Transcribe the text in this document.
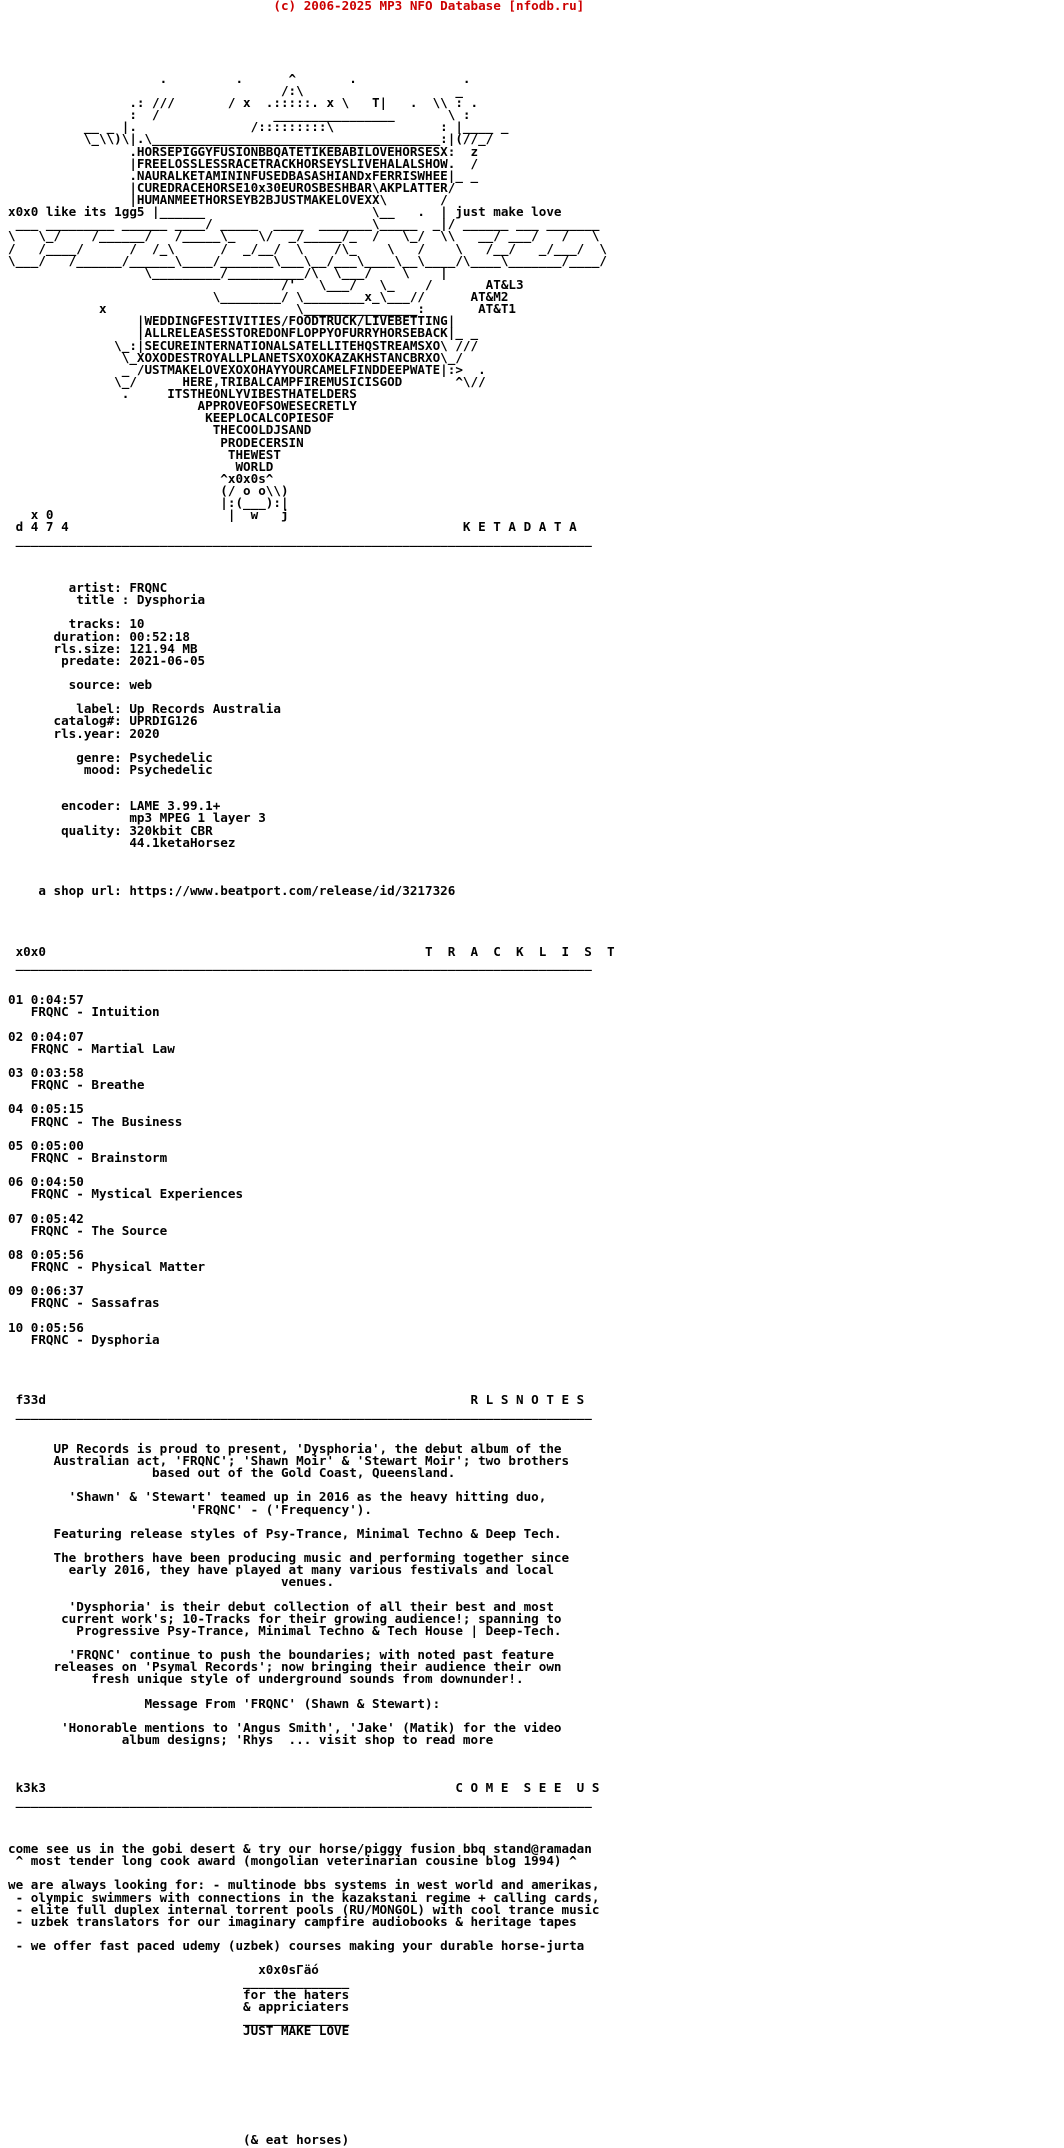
(c) 2006-2025 MP3 NFO Database [nfodb.ru]
.         .      ^       .              .
/:\                    _
.: ///       / x  .:::::. x \   T|   .  \\ : .
:  /               ________________       \ :
__ _ |.               /:::::::::\              : |____ _
\_\\)\|.\______________________________________:|(//_/
.HORSEPIGGYFUSIONBBQATETIKEBABILOVEHORSESX:  z
|FREELOSSLESSRACETRACKHORSEYSLIVEHALALSHOW.  /
.NAURALKETAMININFUSEDBASASHIANDxFERRISWHEE|_ _
|CUREDRACEHORSE10x30EUROSBESHBAR\AKPLATTER/
|HUMANMEETHORSEYB2BJUSTMAKELOVEXX\       /
x0x0 like its 1gg5 |______                      \__   .  | just make love
___ _________ ______ ____/ _____  ____  _______\_____  _|/ ______ ___ _______
\   \_/    /______/   /_____\_   \/  _/_____/_  /   \_/  \\   __/ ___/   /   \
/   /____/      /  /_\      /  _/__/  \    /\_    \   /    \   /__/   _/___/  \
\___/   /______/______\____/_______\___\__/___\____\__\____/\____\_______/____/
\_________/__________/\  \___/    \    |
/'   \___/   \_    /       AT&L3
\________/ \________x_\___//      AT&M2
x                         \_______________:       AT&T1
|WEDDINGFESTIVITIES/FOODTRUCK/LIVEBETTING|
|ALLRELEASESSTOREDONFLOPPYOFURRYHORSEBACK|_ _
\_:|SECUREINTERNATIONALSATELLITEHQSTREAMSXO\ ///
\_XOXODESTROYALLPLANETSXOXOKAZAKHSTANCBRXO\_/
_ /USTMAKELOVEXOXOHAYYOURCAMELFINDDEEPWATE|:>  .
\_/      HERE,TRIBALCAMPFIREMUSICISGOD       ^\//
.     ITSTHEONLYVIBESTHATELDERS
APPROVEOFSOWESECRETLY
KEEPLOCALCOPIESOF
THECOOLDJSAND
PRODECERSIN
THEWEST
WORLD
^x0x0s^
(/ o o\\)
|:(___):|
x 0                       |  w   j
d 4 7 4                                                    K E T A D A T A
____________________________________________________________________________
artist: FRQNC
title : Dysphoria
tracks: 10
duration: 00:52:18
rls.size: 121.94 MB
predate: 2021-06-05
source: web
label: Up Records Australia
catalog#: UPRDIG126
rls.year: 2020
genre: Psychedelic
mood: Psychedelic
encoder: LAME 3.99.1+
mp3 MPEG 1 layer 3
quality: 320kbit CBR
44.1ketaHorsez
a shop url: https://www.beatport.com/release/id/3217326
x0x0                                                  T  R  A  C  K  L  I  S  T
____________________________________________________________________________
01 0:04:57
FRQNC - Intuition
02 0:04:07
FRQNC - Martial Law
03 0:03:58
FRQNC - Breathe
04 0:05:15
FRQNC - The Business
05 0:05:00
FRQNC - Brainstorm
06 0:04:50
FRQNC - Mystical Experiences
07 0:05:42
FRQNC - The Source
08 0:05:56
FRQNC - Physical Matter
09 0:06:37
FRQNC - Sassafras
10 0:05:56
FRQNC - Dysphoria
f33d                                                        R L S N O T E S
____________________________________________________________________________
UP Records is proud to present, 'Dysphoria', the debut album of the
Australian act, 'FRQNC'; 'Shawn Moir' & 'Stewart Moir'; two brothers
based out of the Gold Coast, Queensland.
'Shawn' & 'Stewart' teamed up in 2016 as the heavy hitting duo,
'FRQNC' - ('Frequency').
Featuring release styles of Psy-Trance, Minimal Techno & Deep Tech.
The brothers have been producing music and performing together since
early 2016, they have played at many various festivals and local
venues.
'Dysphoria' is their debut collection of all their best and most
current work's; 10-Tracks for their growing audience!; spanning to
Progressive Psy-Trance, Minimal Techno & Tech House | Deep-Tech.
'FRQNC' continue to push the boundaries; with noted past feature
releases on 'Psymal Records'; now bringing their audience their own
fresh unique style of underground sounds from downunder!.
Message From 'FRQNC' (Shawn & Stewart):
'Honorable mentions to 'Angus Smith', 'Jake' (Matik) for the video
album designs; 'Rhys  ... visit shop to read more
k3k3                                                      C O M E  S E E  U S
____________________________________________________________________________
come see us in the gobi desert & try our horse/piggy fusion bbq stand@ramadan
^ most tender long cook award (mongolian veterinarian cousine blog 1994) ^
we are always looking for: - multinode bbs systems in west world and amerikas,
- olympic swimmers with connections in the kazakstani regime + calling cards,
- elite full duplex internal torrent pools (RU/MONGOL) with cool trance music
- uzbek translators for our imaginary campfire audiobooks & heritage tapes
- we offer fast paced udemy (uzbek) courses making your durable horse-jurta
x0x0sГäó
______________
for the haters
& appriciaters
______________
JUST MAKE LOVE
(& eat horses)
